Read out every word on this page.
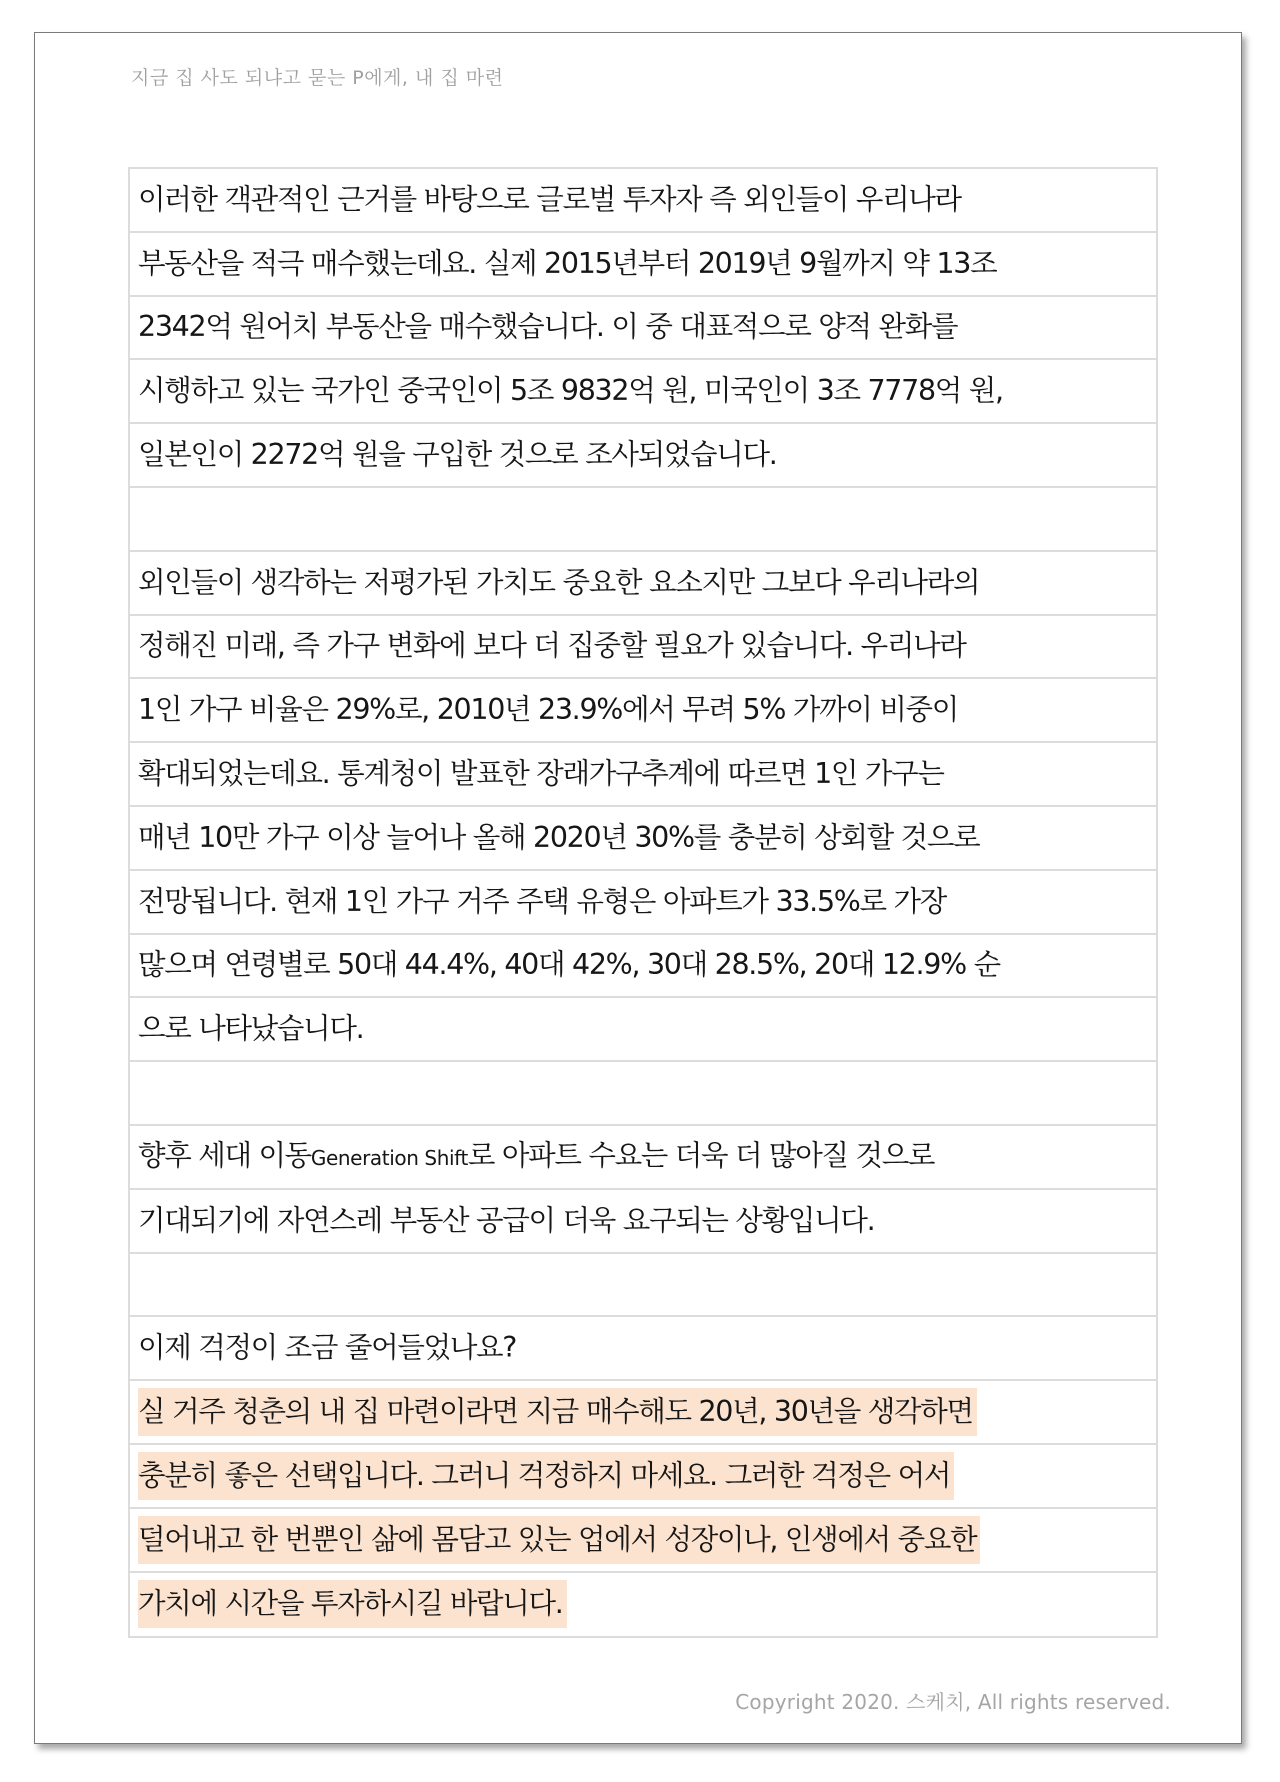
지금 집 사도 되냐고 묻는 P에게, 내 집 마련
이러한 객관적인 근거를 바탕으로 글로벌 투자자 즉 외인들이 우리나라
부동산을 적극 매수했는데요. 실제 2015년부터 2019년 9월까지 약 13조
2342억 원어치 부동산을 매수했습니다. 이 중 대표적으로 양적 완화를
시행하고 있는 국가인 중국인이 5조 9832억 원, 미국인이 3조 7778억 원,
일본인이 2272억 원을 구입한 것으로 조사되었습니다.
외인들이 생각하는 저평가된 가치도 중요한 요소지만 그보다 우리나라의
정해진 미래, 즉 가구 변화에 보다 더 집중할 필요가 있습니다. 우리나라
1인 가구 비율은 29%로, 2010년 23.9%에서 무려 5% 가까이 비중이
확대되었는데요. 통계청이 발표한 장래가구추계에 따르면 1인 가구는
매년 10만 가구 이상 늘어나 올해 2020년 30%를 충분히 상회할 것으로
전망됩니다. 현재 1인 가구 거주 주택 유형은 아파트가 33.5%로 가장
많으며 연령별로 50대 44.4%, 40대 42%, 30대 28.5%, 20대 12.9% 순
으로 나타났습니다.
향후 세대 이동Generation Shift로 아파트 수요는 더욱 더 많아질 것으로
기대되기에 자연스레 부동산 공급이 더욱 요구되는 상황입니다.
이제 걱정이 조금 줄어들었나요?
실 거주 청춘의 내 집 마련이라면 지금 매수해도 20년, 30년을 생각하면
충분히 좋은 선택입니다. 그러니 걱정하지 마세요. 그러한 걱정은 어서
덜어내고 한 번뿐인 삶에 몸담고 있는 업에서 성장이나, 인생에서 중요한
가치에 시간을 투자하시길 바랍니다.
Copyright 2020. 스케치, All rights reserved.
